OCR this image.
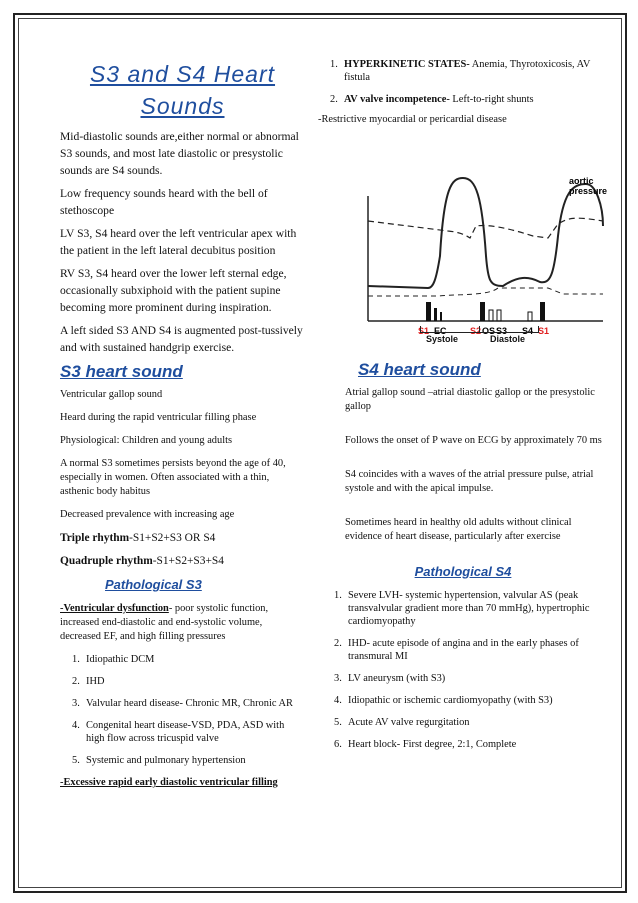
S3 and S4 Heart
Sounds

Mid-diastolic sounds are,either normal or abnormal S3 sounds, and most late diastolic or presystolic sounds are S4 sounds.

Low frequency sounds heard with the bell of stethoscope

LV S3, S4 heard over the left ventricular apex with the patient in the left lateral decubitus position

RV S3, S4 heard over the lower left sternal edge, occasionally subxiphoid with the patient supine becoming more prominent during inspiration.

A left sided S3 AND S4 is augmented post-tussively and with sustained handgrip exercise.

S3 heart sound

Ventricular gallop sound

Heard during the rapid ventricular filling phase

Physiological: Children and young adults

A normal S3 sometimes persists beyond the age of 40, especially in women. Often associated with a thin, asthenic body habitus

Decreased prevalence with increasing age

Triple rhythm-S1+S2+S3 OR S4

Quadruple rhythm-S1+S2+S3+S4

Pathological S3

-Ventricular dysfunction- poor systolic function, increased end-diastolic and end-systolic volume, decreased EF, and high filling pressures

1. Idiopathic DCM
2. IHD
3. Valvular heard disease- Chronic MR, Chronic AR
4. Congenital heart disease-VSD, PDA, ASD with high flow across tricuspid valve
5. Systemic and pulmonary hypertension

-Excessive rapid early diastolic ventricular filling

1. HYPERKINETIC STATES- Anemia, Thyrotoxicosis, AV fistula
2. AV valve incompetence- Left-to-right shunts

-Restrictive myocardial or pericardial disease

aortic pressure
S1 EC	S2 OS S3 S4 S1
Systole	Diastole
S4 heart sound

Atrial gallop sound –atrial diastolic gallop or the presystolic gallop

Follows the onset of P wave on ECG by approximately 70 ms

S4 coincides with a waves of the atrial pressure pulse, atrial systole and with the apical impulse.

Sometimes heard in healthy old adults without clinical evidence of heart disease, particularly after exercise

Pathological S4
1. Severe LVH- systemic hypertension, valvular AS (peak transvalvular gradient more than 70 mmHg), hypertrophic cardiomyopathy
2. IHD- acute episode of angina and in the early phases of transmural MI
3. LV aneurysm (with S3)
4. Idiopathic or ischemic cardiomyopathy (with S3)
5. Acute AV valve regurgitation
6. Heart block- First degree, 2:1, Complete
